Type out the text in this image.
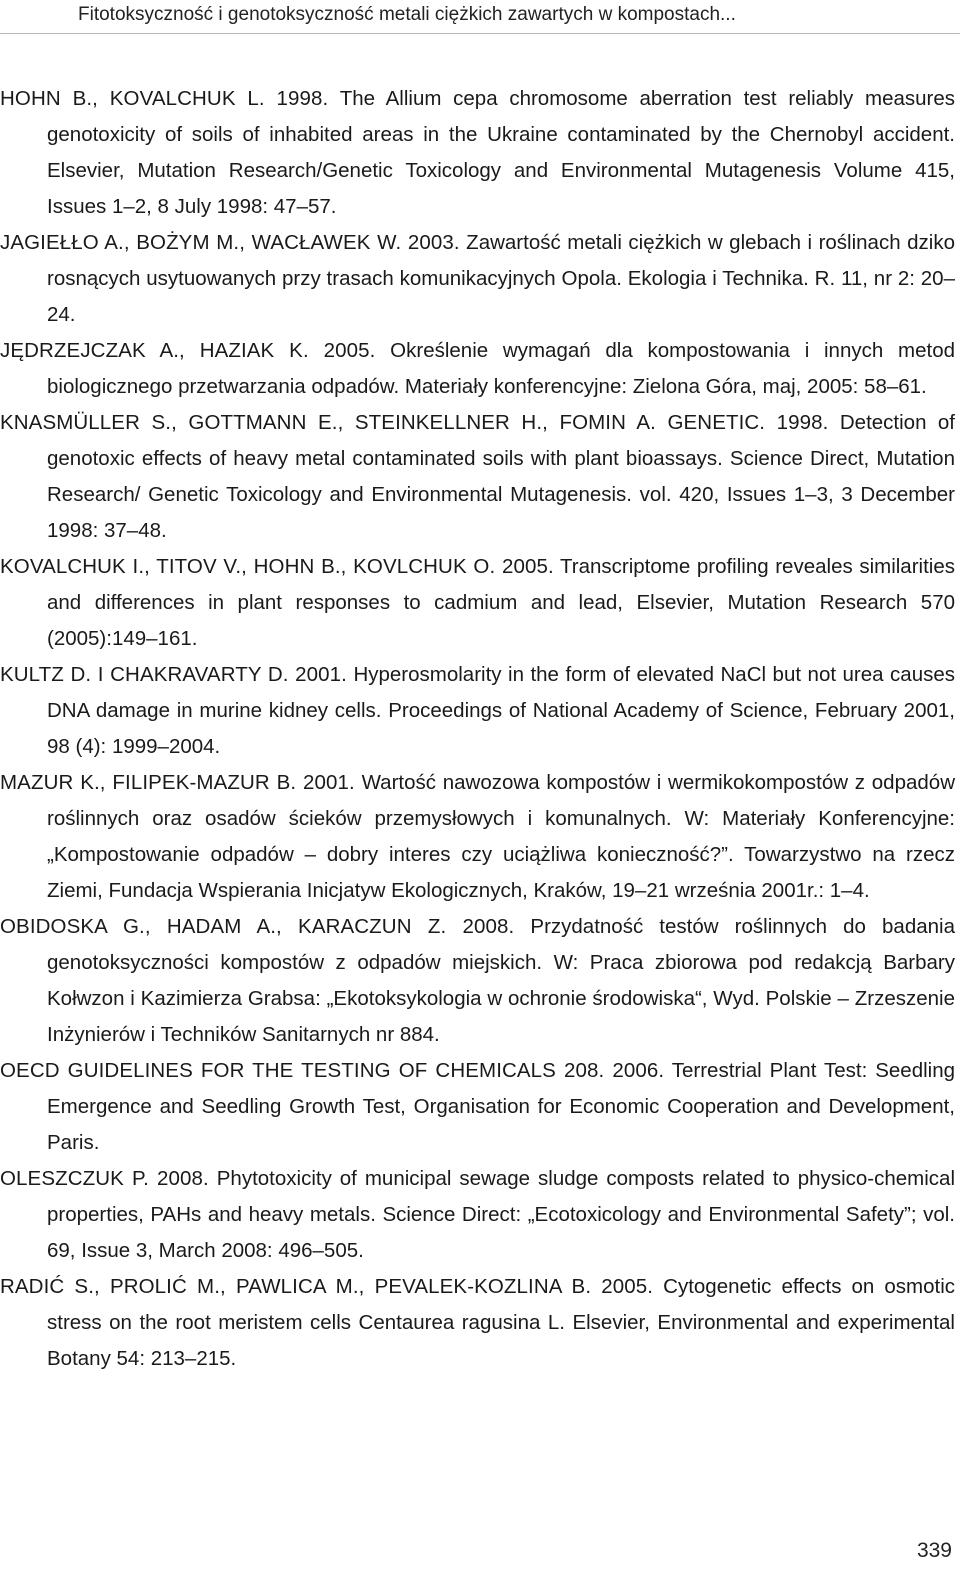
Fitotoksyczność i genotoksyczność metali ciężkich zawartych w kompostach...
HOHN B., KOVALCHUK L. 1998. The Allium cepa chromosome aberration test reliably measures genotoxicity of soils of inhabited areas in the Ukraine contaminated by the Chernobyl accident. Elsevier, Mutation Research/Genetic Toxicology and Environmental Mutagenesis Volume 415, Issues 1–2, 8 July 1998: 47–57.
JAGIEŁŁO A., BOŻYM M., WACŁAWEK W. 2003. Zawartość metali ciężkich w glebach i roślinach dziko rosnących usytuowanych przy trasach komunikacyjnych Opola. Ekologia i Technika. R. 11, nr 2: 20–24.
JĘDRZEJCZAK A., HAZIAK K. 2005. Określenie wymagań dla kompostowania i innych metod biologicznego przetwarzania odpadów. Materiały konferencyjne: Zielona Góra, maj, 2005: 58–61.
KNASMÜLLER S., GOTTMANN E., STEINKELLNER H., FOMIN A. GENETIC. 1998. Detection of genotoxic effects of heavy metal contaminated soils with plant bioassays. Science Direct, Mutation Research/ Genetic Toxicology and Environmental Mutagenesis. vol. 420, Issues 1–3, 3 December 1998: 37–48.
KOVALCHUK I., TITOV V., HOHN B., KOVLCHUK O. 2005. Transcriptome profiling reveales similarities and differences in plant responses to cadmium and lead, Elsevier, Mutation Research 570 (2005):149–161.
KULTZ D. I CHAKRAVARTY D. 2001. Hyperosmolarity in the form of elevated NaCl but not urea causes DNA damage in murine kidney cells. Proceedings of National Academy of Science, February 2001, 98 (4): 1999–2004.
MAZUR K., FILIPEK-MAZUR B. 2001. Wartość nawozowa kompostów i wermikokompostów z odpadów roślinnych oraz osadów ścieków przemysłowych i komunalnych. W: Materiały Konferencyjne: „Kompostowanie odpadów – dobry interes czy uciążliwa konieczność?”. Towarzystwo na rzecz Ziemi, Fundacja Wspierania Inicjatyw Ekologicznych, Kraków, 19–21 września 2001r.: 1–4.
OBIDOSKA G., HADAM A., KARACZUN Z. 2008. Przydatność testów roślinnych do badania genotoksyczności kompostów z odpadów miejskich. W: Praca zbiorowa pod redakcją Barbary Kołwzon i Kazimierza Grabsa: „Ekotoksykologia w ochronie środowiska“, Wyd. Polskie – Zrzeszenie Inżynierów i Techników Sanitarnych nr 884.
OECD GUIDELINES FOR THE TESTING OF CHEMICALS 208. 2006. Terrestrial Plant Test: Seedling Emergence and Seedling Growth Test, Organisation for Economic Cooperation and Development, Paris.
OLESZCZUK P. 2008. Phytotoxicity of municipal sewage sludge composts related to physico-chemical properties, PAHs and heavy metals. Science Direct: „Ecotoxicology and Environmental Safety”; vol. 69, Issue 3, March 2008: 496–505.
RADIĆ S., PROLIĆ M., PAWLICA M., PEVALEK-KOZLINA B. 2005. Cytogenetic effects on osmotic stress on the root meristem cells Centaurea ragusina L. Elsevier, Environmental and experimental Botany 54: 213–215.
339
